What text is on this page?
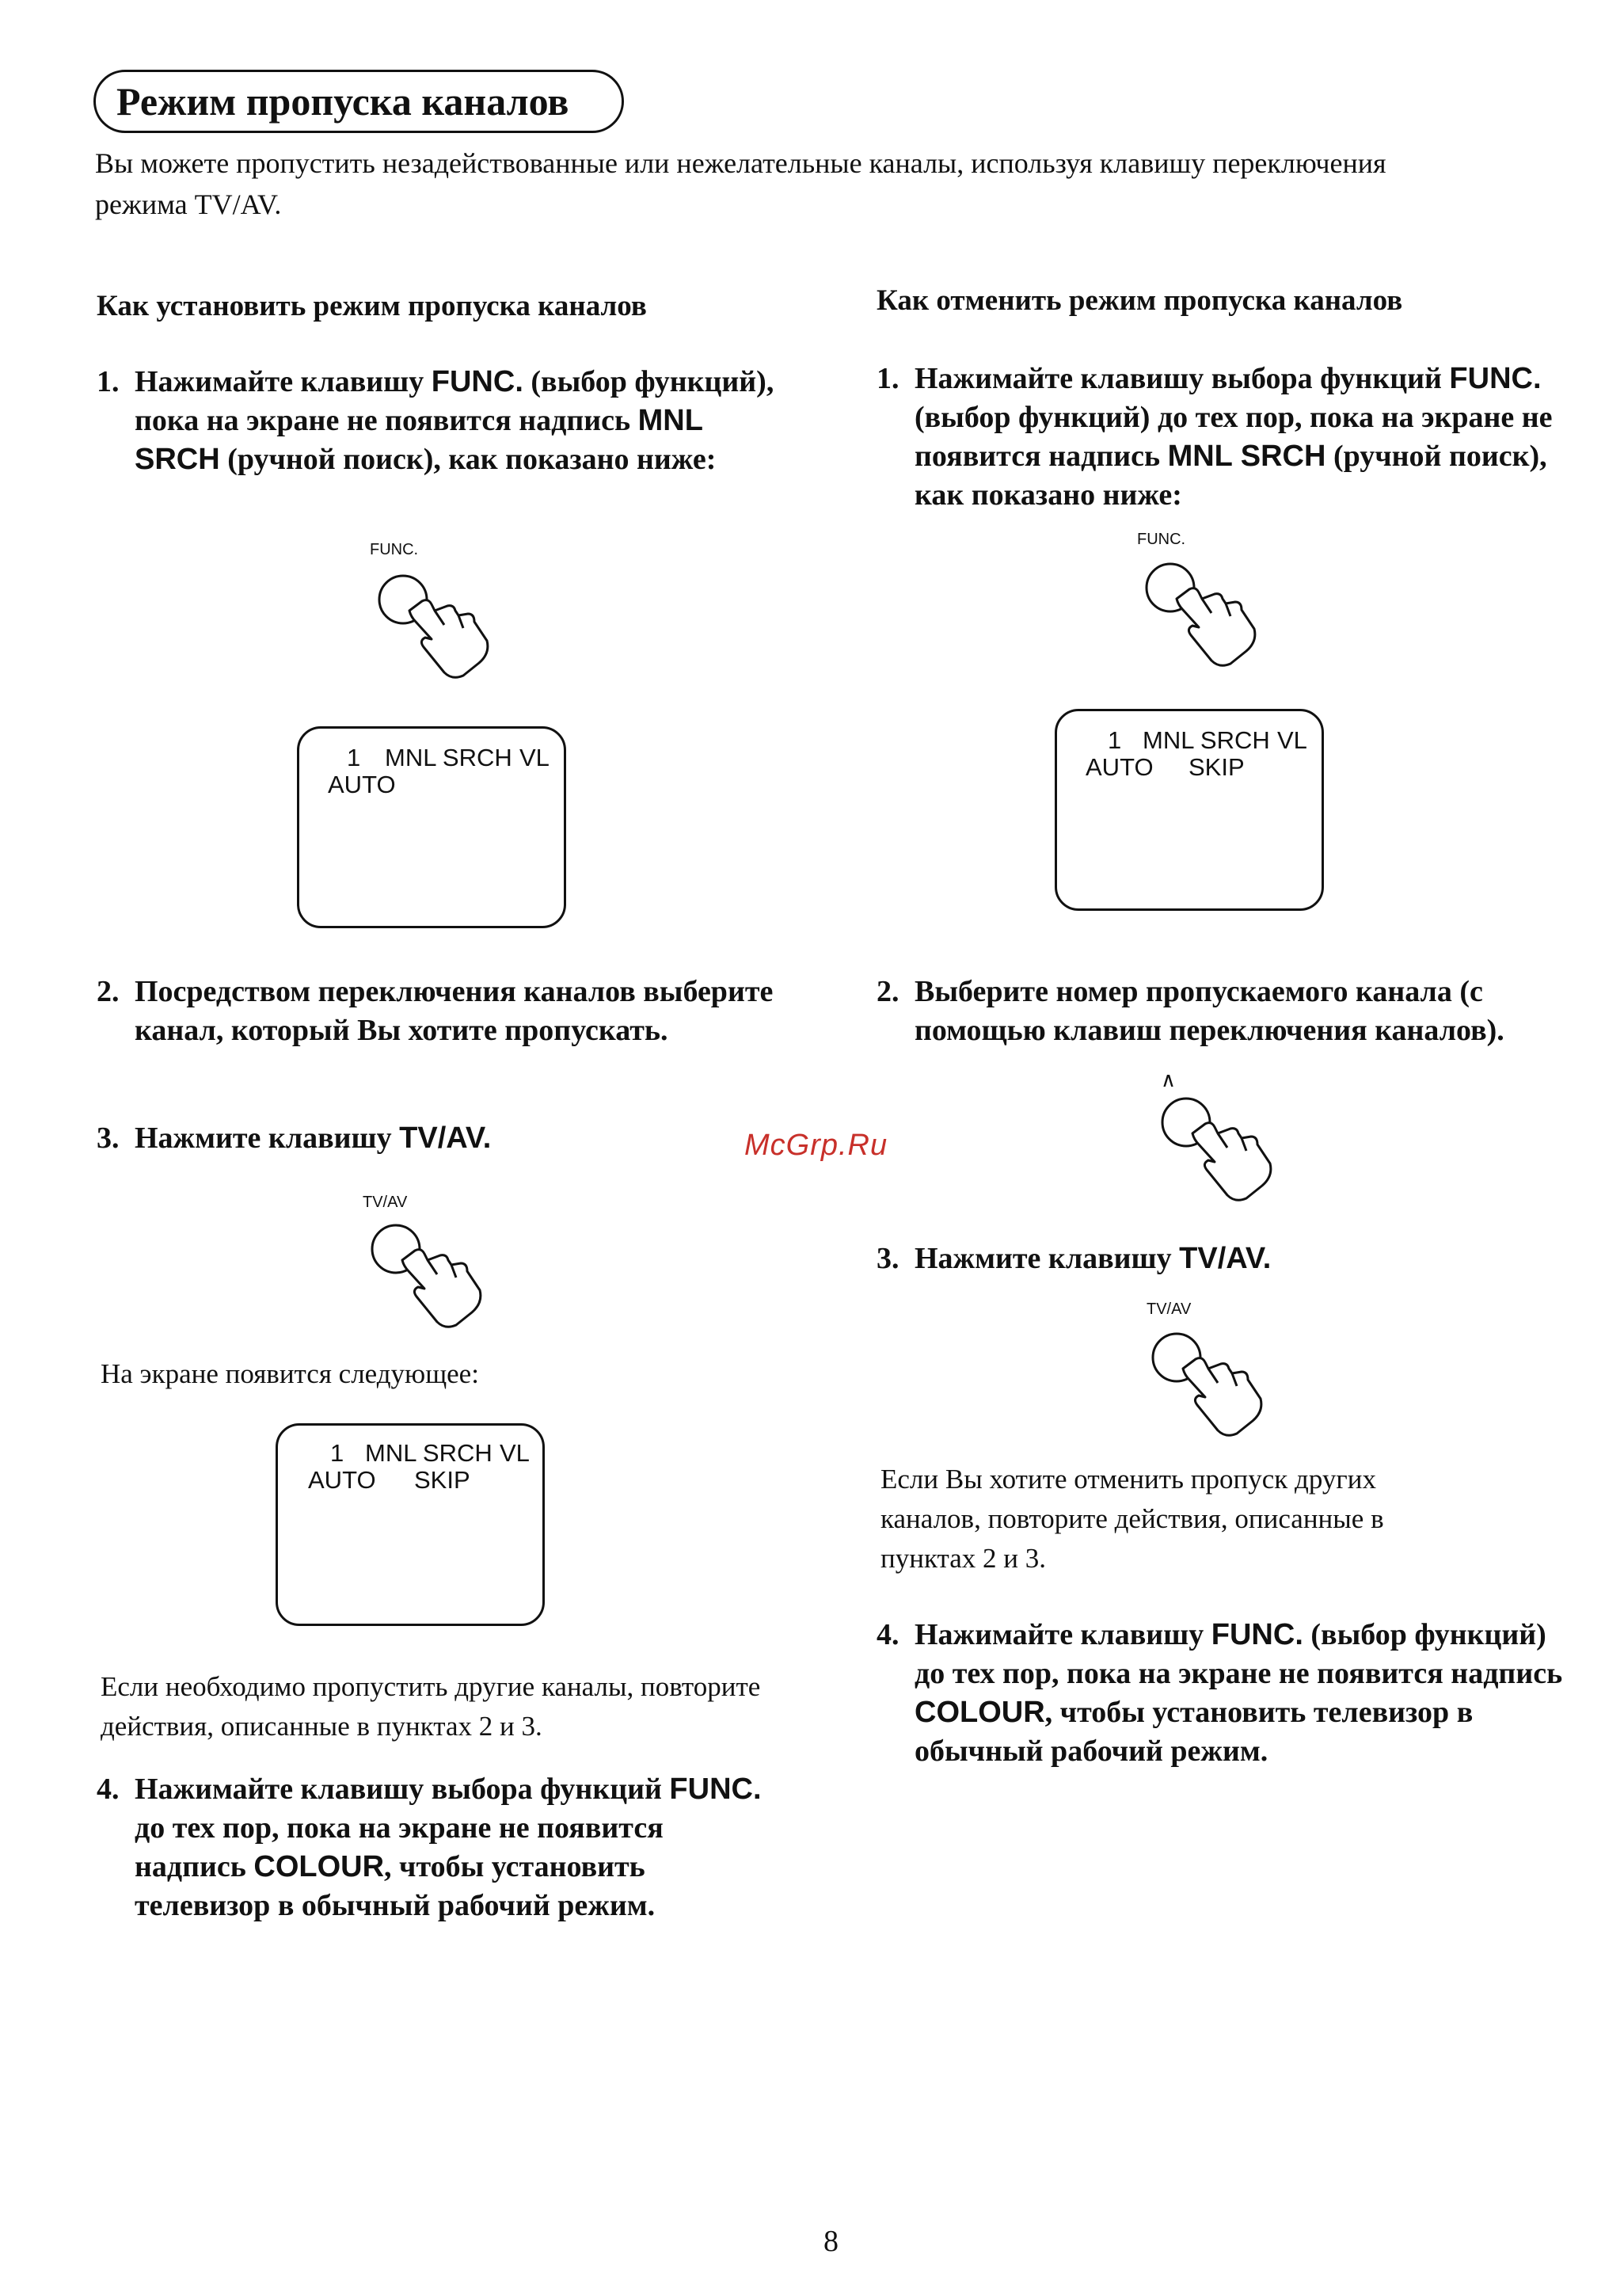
Режим пропуска каналов
Вы можете пропустить незадействованные или нежелательные каналы, используя клавишу переключения режима TV/AV.
Как установить режим пропуска каналов
1. Нажимайте клавишу FUNC. (выбор функций), пока на экране не появится надпись MNL SRCH (ручной поиск), как показано ниже:
FUNC.
1 MNL SRCH VL
AUTO
2. Посредством переключения каналов выберите канал, который Вы хотите пропускать.
3. Нажмите клавишу TV/AV.
TV/AV
На экране появится следующее:
1 MNL SRCH VL
AUTO SKIP
Если необходимо пропустить другие каналы, повторите действия, описанные в пунктах 2 и 3.
4. Нажимайте клавишу выбора функций FUNC. до тех пор, пока на экране не появится надпись COLOUR, чтобы установить телевизор в обычный рабочий режим.
Как отменить режим пропуска каналов
1. Нажимайте клавишу выбора функций FUNC. (выбор функций) до тех пор, пока на экране не появится надпись MNL SRCH (ручной поиск), как показано ниже:
FUNC.
1 MNL SRCH VL
AUTO SKIP
2. Выберите номер пропускаемого канала (с помощью клавиш переключения каналов).
∧
3. Нажмите клавишу TV/AV.
TV/AV
Если Вы хотите отменить пропуск других каналов, повторите действия, описанные в пунктах 2 и 3.
4. Нажимайте клавишу FUNC. (выбор функций) до тех пор, пока на экране не появится надпись COLOUR, чтобы установить телевизор в обычный рабочий режим.
McGrp.Ru
8
